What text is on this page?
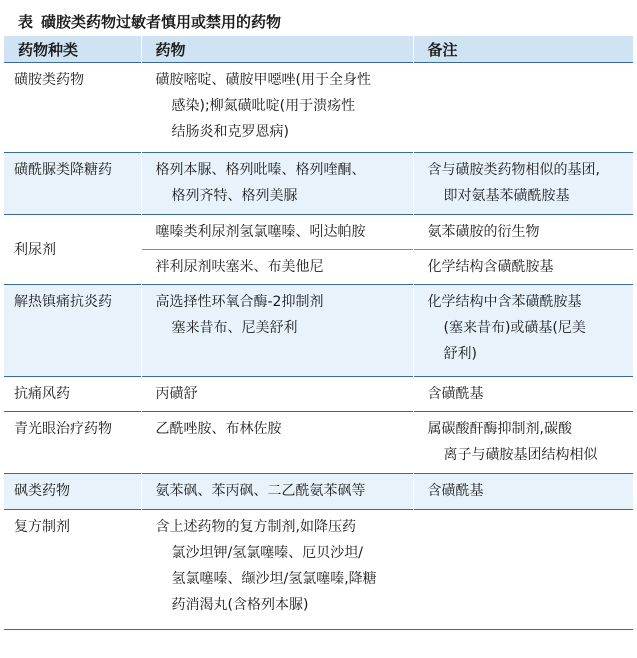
表 磺胺类药物过敏者慎用或禁用的药物
药物种类	药物	备注
磺胺类药物	磺胺嘧啶、磺胺甲噁唑(用于全身性
感染);柳氮磺吡啶(用于溃疡性
结肠炎和克罗恩病)	

磺酰脲类降糖药	格列本脲、格列吡嗪、格列喹酮、
格列齐特、格列美脲	含与磺胺类药物相似的基团,
即对氨基苯磺酰胺基

利尿剂	噻嗪类利尿剂氢氯噻嗪、吲达帕胺	氨苯磺胺的衍生物

	袢利尿剂呋塞米、布美他尼	化学结构含磺酰胺基

解热镇痛抗炎药	高选择性环氧合酶-2抑制剂
塞来昔布、尼美舒利	化学结构中含苯磺酰胺基
(塞来昔布)或磺基(尼美
舒利)

抗痛风药	丙磺舒	含磺酰基

青光眼治疗药物	乙酰唑胺、布林佐胺	属碳酸酐酶抑制剂,碳酸
离子与磺胺基团结构相似

砜类药物	氨苯砜、苯丙砜、二乙酰氨苯砜等	含磺酰基

复方制剂	含上述药物的复方制剂,如降压药
氯沙坦钾/氢氯噻嗪、厄贝沙坦/
氢氯噻嗪、缬沙坦/氢氯噻嗪,降糖
药消渴丸(含格列本脲)	
